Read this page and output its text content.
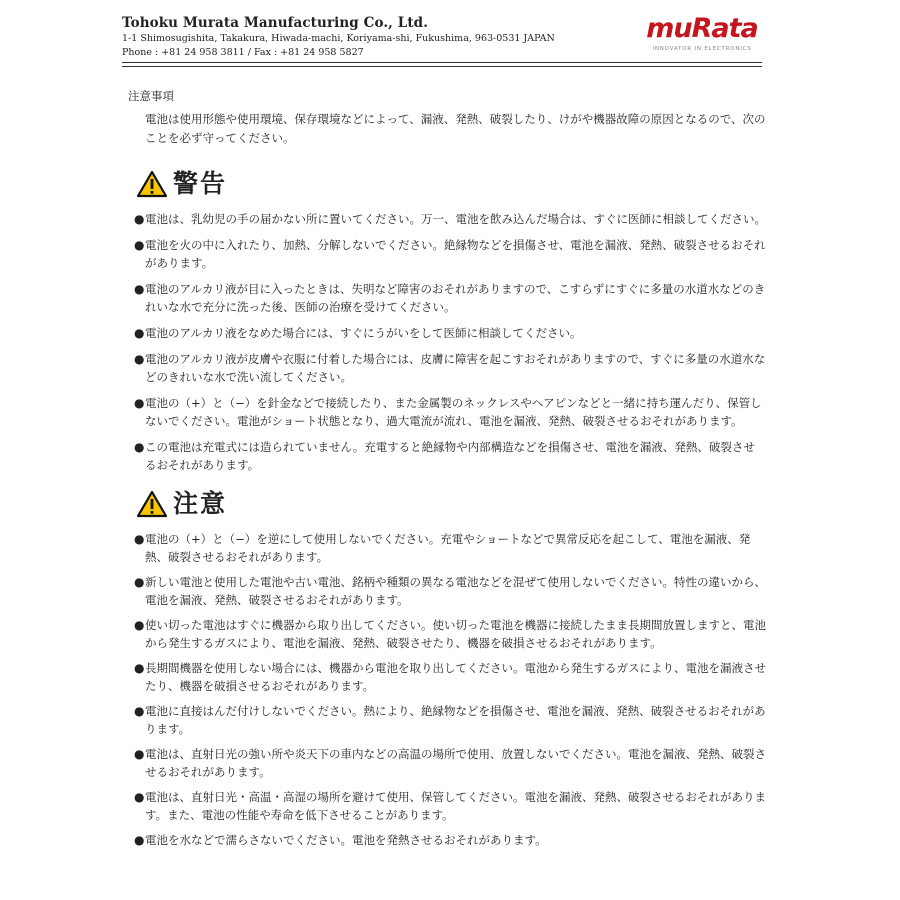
Tohoku Murata Manufacturing Co., Ltd.
1-1 Shimosugishita, Takakura, Hiwada-machi, Koriyama-shi, Fukushima, 963-0531 JAPAN
Phone : +81 24 958 3811 / Fax : +81 24 958 5827
muRata
INNOVATOR IN ELECTRONICS
注意事項
電池は使用形態や使用環境、保存環境などによって、漏液、発熱、破裂したり、けがや機器故障の原因となるので、次のことを必ず守ってください。
警告
● 電池は、乳幼児の手の届かない所に置いてください。万一、電池を飲み込んだ場合は、すぐに医師に相談してください。
● 電池を火の中に入れたり、加熱、分解しないでください。絶縁物などを損傷させ、電池を漏液、発熱、破裂させるおそれがあります。
● 電池のアルカリ液が目に入ったときは、失明など障害のおそれがありますので、こすらずにすぐに多量の水道水などのきれいな水で充分に洗った後、医師の治療を受けてください。
● 電池のアルカリ液をなめた場合には、すぐにうがいをして医師に相談してください。
● 電池のアルカリ液が皮膚や衣服に付着した場合には、皮膚に障害を起こすおそれがありますので、すぐに多量の水道水などのきれいな水で洗い流してください。
● 電池の（+）と（−）を針金などで接続したり、また金属製のネックレスやヘアピンなどと一緒に持ち運んだり、保管しないでください。電池がショート状態となり、過大電流が流れ、電池を漏液、発熱、破裂させるおそれがあります。
● この電池は充電式には造られていません。充電すると絶縁物や内部構造などを損傷させ、電池を漏液、発熱、破裂させるおそれがあります。
注意
● 電池の（+）と（−）を逆にして使用しないでください。充電やショートなどで異常反応を起こして、電池を漏液、発熱、破裂させるおそれがあります。
● 新しい電池と使用した電池や古い電池、銘柄や種類の異なる電池などを混ぜて使用しないでください。特性の違いから、電池を漏液、発熱、破裂させるおそれがあります。
● 使い切った電池はすぐに機器から取り出してください。使い切った電池を機器に接続したまま長期間放置しますと、電池から発生するガスにより、電池を漏液、発熱、破裂させたり、機器を破損させるおそれがあります。
● 長期間機器を使用しない場合には、機器から電池を取り出してください。電池から発生するガスにより、電池を漏液させたり、機器を破損させるおそれがあります。
● 電池に直接はんだ付けしないでください。熱により、絶縁物などを損傷させ、電池を漏液、発熱、破裂させるおそれがあります。
● 電池は、直射日光の強い所や炎天下の車内などの高温の場所で使用、放置しないでください。電池を漏液、発熱、破裂させるおそれがあります。
● 電池は、直射日光・高温・高湿の場所を避けて使用、保管してください。電池を漏液、発熱、破裂させるおそれがあります。また、電池の性能や寿命を低下させることがあります。
● 電池を水などで濡らさないでください。電池を発熱させるおそれがあります。
